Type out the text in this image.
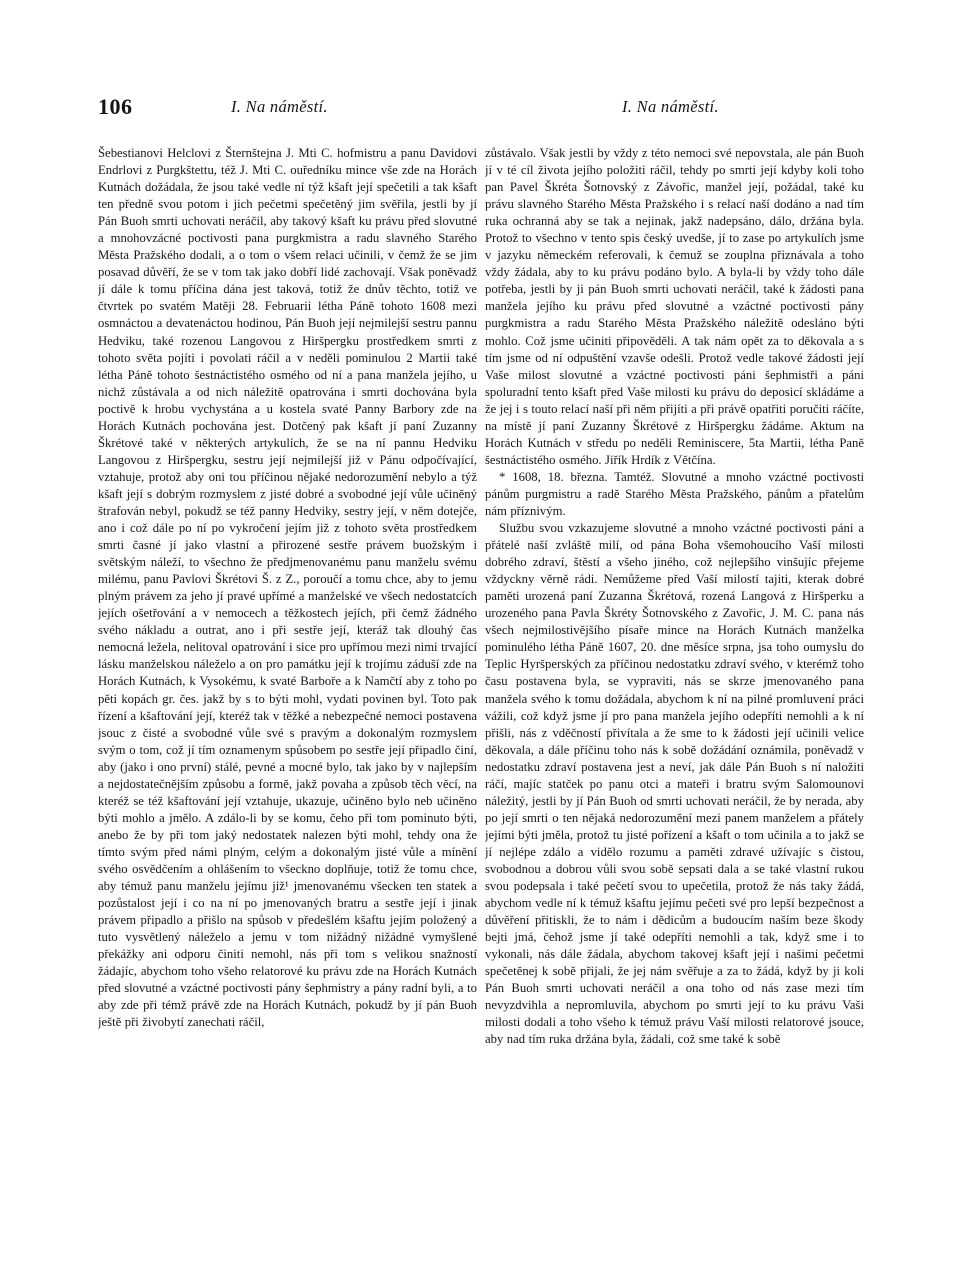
106	I. Na náměstí.	I. Na náměstí.

Šebestianovi Helclovi z Šternštejna J. Mti C. hofmistru a panu Davidovi Endrlovi z Purgkštettu, též J. Mti C. ouředníku mince vše zde na Horách Kutnách dožádala, že jsou také vedle ní týž kšaft její spečetili a tak kšaft ten předně svou potom i jich pečetmi spečetěný jim svěřila, jestli by jí Pán Buoh smrti uchovati neráčil, aby takový kšaft ku právu před slovutné a mnohovzácné poctivosti pana purgkmistra a radu slavného Starého Města Pražského dodali, a o tom o všem relaci učinili, v čemž že se jim posavad důvěří, že se v tom tak jako dobří lidé zachovají. Však poněvadž jí dále k tomu příčina dána jest taková, totiž že dnův těchto, totiž ve čtvrtek po svatém Matěji 28. Februarii létha Páně tohoto 1608 mezi osmnáctou a devatenáctou hodinou, Pán Buoh její nejmilejší sestru pannu Hedviku, také rozenou Langovou z Hiršpergku prostředkem smrti z tohoto světa pojíti i povolati ráčil a v neděli pominulou 2 Martii také létha Páně tohoto šestnáctistého osmého od ní a pana manžela jejího, u nichž zůstávala a od nich náležitě opatrována i smrti dochována byla poctivě k hrobu vychystána a u kostela svaté Panny Barbory zde na Horách Kutnách pochována jest. Dotčený pak kšaft jí paní Zuzanny Škrétové také v některých artykulích, že se na ní pannu Hedviku Langovou z Hiršpergku, sestru její nejmilejší již v Pánu odpočívající, vztahuje, protož aby oni tou příčinou nějaké nedorozumění nebylo a týž kšaft její s dobrým rozmyslem z jisté dobré a svobodné její vůle učiněný štrafován nebyl, pokudž se též panny Hedviky, sestry její, v něm dotejče, ano i což dále po ní po vykročení jejím již z tohoto světa prostředkem smrti časné jí jako vlastní a přirozené sestře právem buožským i světským náleží, to všechno že předjmenovanému panu manželu svému milému, panu Pavlovi Škrétovi Š. z Z., poroučí a tomu chce, aby to jemu plným právem za jeho jí pravé upřímé a manželské ve všech nedostatcích jejích ošetřování a v nemocech a těžkostech jejích, při čemž žádného svého nákladu a outrat, ano i při sestře její, kteráž tak dlouhý čas nemocná ležela, nelitoval opatrování i sice pro upřímou mezi nimi trvající lásku manželskou náleželo a on pro památku její k trojímu záduší zde na Horách Kutnách, k Vysokému, k svaté Barboře a k Namčtí aby z toho po pěti kopách gr. čes. jakž by s to býti mohl, vydati povinen byl. Toto pak řízení a kšaftování její, kteréž tak v těžké a nebezpečné nemoci postavena jsouc z čisté a svobodné vůle své s pravým a dokonalým rozmyslem svým o tom, což jí tím oznamenym spůsobem po sestře její připadlo činí, aby (jako i ono první) stálé, pevné a mocné bylo, tak jako by v najlepším a nejdostatečnějším způsobu a formě, jakž povaha a způsob těch věcí, na kteréž se též kšaftování její vztahuje, ukazuje, učiněno bylo neb učiněno býti mohlo a jmělo. A zdálo-li by se komu, čeho při tom pominuto býti, anebo že by při tom jaký nedostatek nalezen býti mohl, tehdy ona že tímto svým před námi plným, celým a dokonalým jisté vůle a mínění svého osvědčením a ohlášením to všeckno doplňuje, totiž že tomu chce, aby témuž panu manželu jejímu již¹ jmenovanému všecken ten statek a pozůstalost její i co na ní po jmenovaných bratru a sestře její i jinak právem připadlo a přišlo na spůsob v předešlém kšaftu jejím položený a tuto vysvětlený náleželo a jemu v tom nižádný nižádné vymyšlené překážky ani odporu činiti nemohl, nás při tom s velikou snažností žádajíc, abychom toho všeho relatorové ku právu zde na Horách Kutnách před slovutné a vzáctné poctivosti pány šephmistry a pány radní byli, a to aby zde při témž právě zde na Horách Kutnách, pokudž by jí pán Buoh ještě při živobytí zanechati ráčil,

zůstávalo. Však jestli by vždy z této nemoci své nepovstala, ale pán Buoh jí v té cíl života jejího položiti ráčil, tehdy po smrti její kdyby koli toho pan Pavel Škréta Šotnovský z Závořic, manžel její, požádal, také ku právu slavného Starého Města Pražského i s relací naší dodáno a nad tím ruka ochranná aby se tak a nejinak, jakž nadepsáno, dálo, držána byla. Protož to všechno v tento spis český uvedše, jí to zase po artykulích jsme v jazyku německém referovali, k čemuž se zouplna přiznávala a toho vždy žádala, aby to ku právu podáno bylo. A byla-li by vždy toho dále potřeba, jestli by ji pán Buoh smrti uchovati neráčil, také k žádosti pana manžela jejího ku právu před slovutné a vzáctné poctivosti pány purgkmistra a radu Starého Města Pražského náležitě odesláno býti mohlo. Což jsme učiniti připověděli. A tak nám opět za to děkovala a s tím jsme od ní odpuštění vzavše odešli. Protož vedle takové žádosti její Vaše milost slovutné a vzáctné poctivosti páni šephmistři a páni spoluradní tento kšaft před Vaše milosti ku právu do deposicí skládáme a že jej i s touto relací naší při něm přijíti a při právě opatřiti poručiti ráčíte, na místě jí paní Zuzanny Škrétové z Hiršpergku žádáme. Aktum na Horách Kutnách v středu po neděli Reminiscere, 5ta Martii, létha Paně šestnáctistého osmého. Jiřík Hrdík z Větčína.

* 1608, 18. března. Tamtéž. Slovutné a mnoho vzáctné poctivosti pánům purgmistru a radě Starého Města Pražského, pánům a přatelům nám příznivým.

Službu svou vzkazujeme slovutné a mnoho vzáctné poctivosti páni a přátelé naší zvláště milí, od pána Boha všemohoucího Vaší milosti dobrého zdraví, štěstí a všeho jiného, což nejlepšího vinšujíc přejeme vždyckny věrně rádi. Nemůžeme před Vaší milostí tajiti, kterak dobré paměti urozená paní Zuzanna Škrétová, rozená Langová z Hiršperku a urozeného pana Pavla Škréty Šotnovského z Zavořic, J. M. C. pana nás všech nejmilostivějšího písaře mince na Horách Kutnách manželka pominulého létha Páně 1607, 20. dne měsíce srpna, jsa toho oumyslu do Teplic Hyršperských za příčinou nedostatku zdraví svého, v kterémž toho času postavena byla, se vypraviti, nás se skrze jmenovaného pana manžela svého k tomu dožádala, abychom k ní na pilné promluvení práci vážili, což když jsme jí pro pana manžela jejího odepříti nemohli a k ní přišli, nás z vděčností přivítala a že sme to k žádosti její učinili velice děkovala, a dále příčinu toho nás k sobě dožádání oznámila, poněvadž v nedostatku zdraví postavena jest a neví, jak dále Pán Buoh s ní naložiti ráčí, majíc statček po panu otci a mateři i bratru svým Salomounovi náležitý, jestli by jí Pán Buoh od smrti uchovati neráčil, že by nerada, aby po její smrti o ten nějaká nedorozumění mezi panem manželem a přátely jejími býti jměla, protož tu jisté pořízení a kšaft o tom učinila a to jakž se jí nejlépe zdálo a vidělo rozumu a paměti zdravé užívajíc s čistou, svobodnou a dobrou vůli svou sobě sepsati dala a se také vlastní rukou svou podepsala i také pečetí svou to upečetila, protož že nás taky žádá, abychom vedle ní k témuž kšaftu jejímu pečeti své pro lepší bezpečnost a důvěření přitiskli, že to nám i dědicům a budoucím naším beze škody bejti jmá, čehož jsme jí také odepříti nemohli a tak, když sme i to vykonali, nás dále žádala, abychom takovej kšaft její i našimi pečetmi spečetěnej k sobě přijali, že jej nám svěřuje a za to žádá, když by ji koli Pán Buoh smrti uchovati neráčil a ona toho od nás zase mezi tím nevyzdvihla a nepromluvila, abychom po smrti její to ku právu Vaši milosti dodali a toho všeho k témuž právu Vaší milosti relatorové jsouce, aby nad tím ruka držána byla, žádali, což sme také k sobě
